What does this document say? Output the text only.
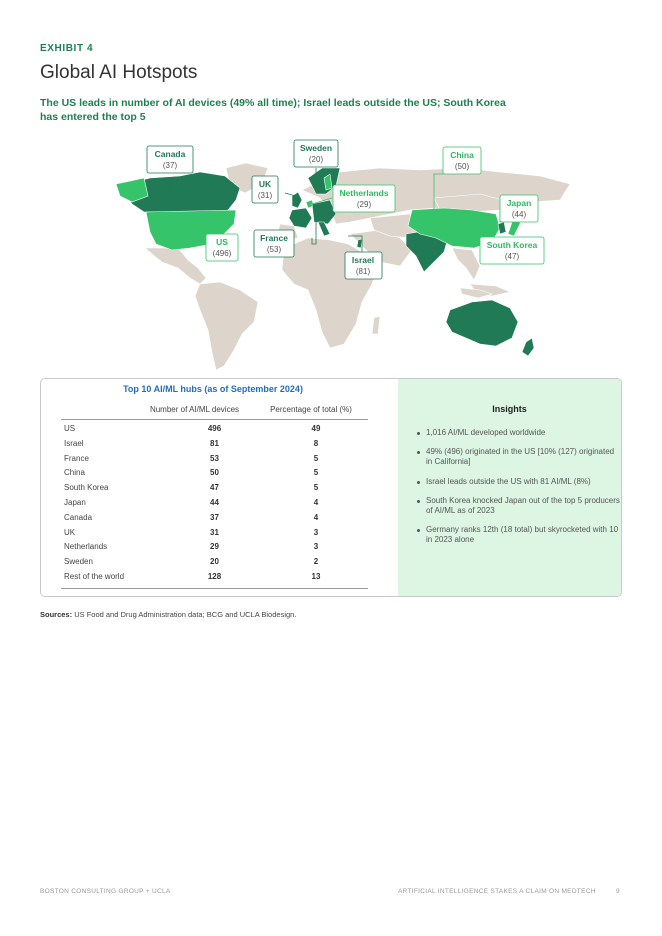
EXHIBIT 4
Global AI Hotspots
The US leads in number of AI devices (49% all time); Israel leads outside the US; South Korea has entered the top 5
Canada
(37)
Sweden
(20)
UK
(31)	Netherlands
(29)
China
(50)
Japan
(44)
US
(496)
France
(53)
Israel
(81)
South Korea
(47)
Top 10 AI/ML hubs (as of September 2024)
Number of AI/ML devices	Percentage of total (%)
US	496	49
Israel	81	8
France	53	5
China	50	5
South Korea	47	5
Japan	44	4
Canada	37	4
UK	31	3
Netherlands	29	3
Sweden	20	2
Rest of the world	128	13
Insights
1,016 AI/ML developed worldwide
49% (496) originated in the US [10% (127) originated in California]
Israel leads outside the US with 81 AI/ML (8%)
South Korea knocked Japan out of the top 5 producers of AI/ML as of 2023
Germany ranks 12th (18 total) but skyrocketed with 10 in 2023 alone
Sources: US Food and Drug Administration data; BCG and UCLA Biodesign.
BOSTON CONSULTING GROUP + UCLA	ARTIFICIAL INTELLIGENCE STAKES A CLAIM ON MEDTECH	9
